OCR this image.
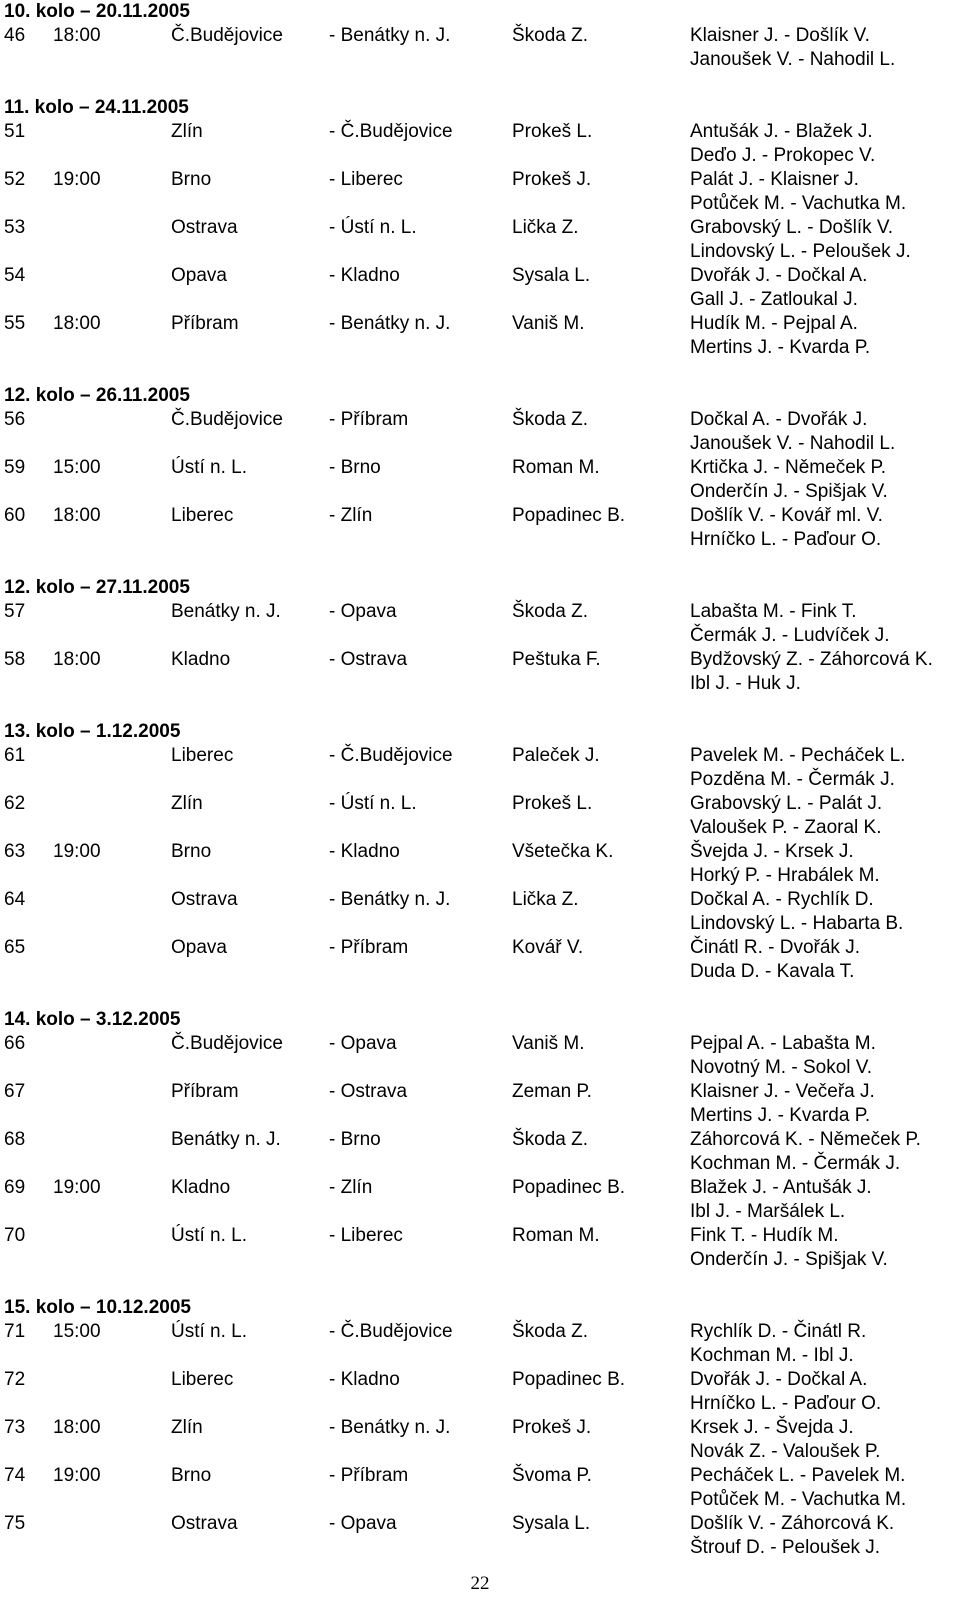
10. kolo – 20.11.2005
46 18:00	Č.Budějovice - Benátky n. J.	Škoda Z.	Klaisner J. - Došlík V.
Janoušek V. - Nahodil L.
11. kolo – 24.11.2005
51	Zlín	- Č.Budějovice	Prokeš L.	Antušák J. - Blažek J.
Deďo J. - Prokopec V.
52 19:00	Brno	- Liberec	Prokeš J.	Palát J. - Klaisner J.
Potůček M. - Vachutka M.
53	Ostrava	- Ústí n. L.	Lička Z.	Grabovský L. - Došlík V.
Lindovský L. - Peloušek J.
54	Opava	- Kladno	Sysala L.	Dvořák J. - Dočkal A.
Gall J. - Zatloukal J.
55 18:00	Příbram	- Benátky n. J.	Vaniš M.	Hudík M. - Pejpal A.
Mertins J. - Kvarda P.
12. kolo – 26.11.2005
56	Č.Budějovice - Příbram	Škoda Z.	Dočkal A. - Dvořák J.
Janoušek V. - Nahodil L.
59 15:00	Ústí n. L.	- Brno	Roman M.	Krtička J. - Němeček P.
Onderčín J. - Spišjak V.
60 18:00	Liberec	- Zlín	Popadinec B.	Došlík V. - Kovář ml. V.
Hrníčko L. - Paďour O.
12. kolo – 27.11.2005
57	Benátky n. J.	- Opava	Škoda Z.	Labašta M. - Fink T.
Čermák J. - Ludvíček J.
58 18:00	Kladno	- Ostrava	Peštuka F.	Bydžovský Z. - Záhorcová K.
Ibl J. - Huk J.
13. kolo – 1.12.2005
61	Liberec	- Č.Budějovice	Paleček J.	Pavelek M. - Pecháček L.
Pozděna M. - Čermák J.
62	Zlín	- Ústí n. L.	Prokeš L.	Grabovský L. - Palát J.
Valoušek P. - Zaoral K.
63 19:00	Brno	- Kladno	Všetečka K.	Švejda J. - Krsek J.
Horký P. - Hrabálek M.
64	Ostrava	- Benátky n. J.	Lička Z.	Dočkal A. - Rychlík D.
Lindovský L. - Habarta B.
65	Opava	- Příbram	Kovář V.	Činátl R. - Dvořák J.
Duda D. - Kavala T.
14. kolo – 3.12.2005
66	Č.Budějovice - Opava	Vaniš M.	Pejpal A. - Labašta M.
Novotný M. - Sokol V.
67	Příbram	- Ostrava	Zeman P.	Klaisner J. - Večeřa J.
Mertins J. - Kvarda P.
68	Benátky n. J.	- Brno	Škoda Z.	Záhorcová K. - Němeček P.
Kochman M. - Čermák J.
69 19:00	Kladno	- Zlín	Popadinec B.	Blažek J. - Antušák J.
Ibl J. - Maršálek L.
70	Ústí n. L.	- Liberec	Roman M.	Fink T. - Hudík M.
Onderčín J. - Spišjak V.
15. kolo – 10.12.2005
71 15:00	Ústí n. L.	- Č.Budějovice	Škoda Z.	Rychlík D. - Činátl R.
Kochman M. - Ibl J.
72	Liberec	- Kladno	Popadinec B.	Dvořák J. - Dočkal A.
Hrníčko L. - Paďour O.
73 18:00	Zlín	- Benátky n. J.	Prokeš J.	Krsek J. - Švejda J.
Novák Z. - Valoušek P.
74 19:00	Brno	- Příbram	Švoma P.	Pecháček L. - Pavelek M.
Potůček M. - Vachutka M.
75	Ostrava	- Opava	Sysala L.	Došlík V. - Záhorcová K.
Štrouf D. - Peloušek J.
22
